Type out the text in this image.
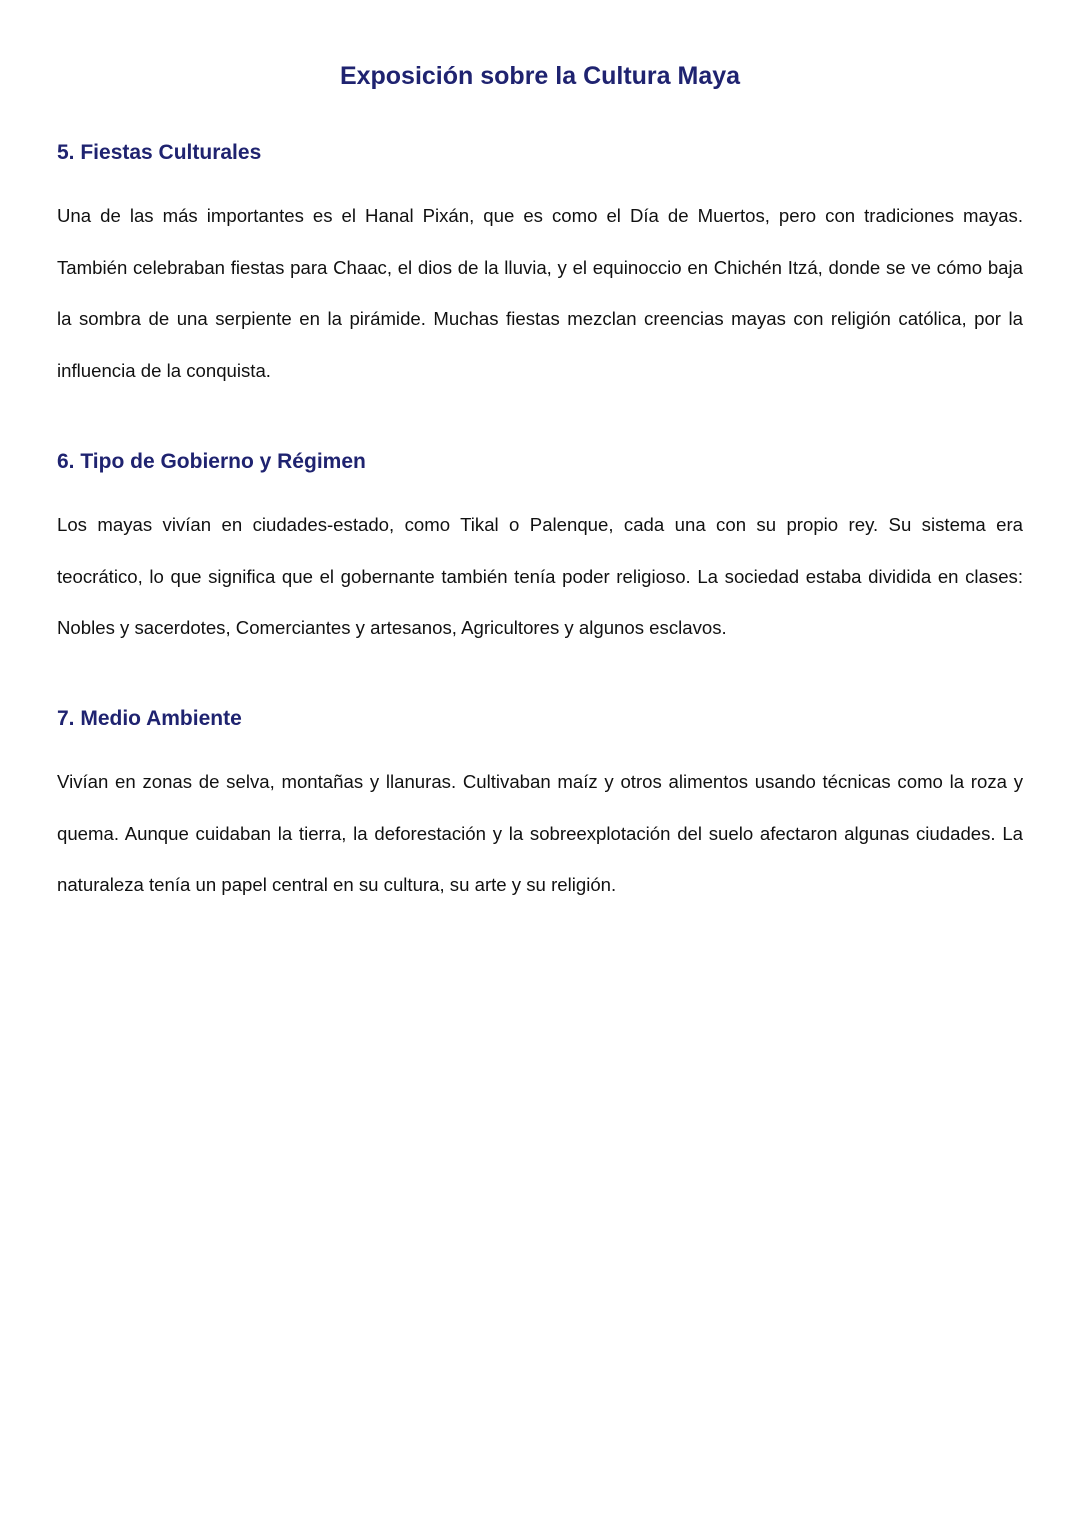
Exposición sobre la Cultura Maya
5. Fiestas Culturales

Una de las más importantes es el Hanal Pixán, que es como el Día de Muertos, pero con tradiciones mayas. También celebraban fiestas para Chaac, el dios de la lluvia, y el equinoccio en Chichén Itzá, donde se ve cómo baja la sombra de una serpiente en la pirámide. Muchas fiestas mezclan creencias mayas con religión católica, por la influencia de la conquista.

6. Tipo de Gobierno y Régimen

Los mayas vivían en ciudades-estado, como Tikal o Palenque, cada una con su propio rey. Su sistema era teocrático, lo que significa que el gobernante también tenía poder religioso. La sociedad estaba dividida en clases: Nobles y sacerdotes, Comerciantes y artesanos, Agricultores y algunos esclavos.

7. Medio Ambiente

Vivían en zonas de selva, montañas y llanuras. Cultivaban maíz y otros alimentos usando técnicas como la roza y quema. Aunque cuidaban la tierra, la deforestación y la sobreexplotación del suelo afectaron algunas ciudades. La naturaleza tenía un papel central en su cultura, su arte y su religión.
